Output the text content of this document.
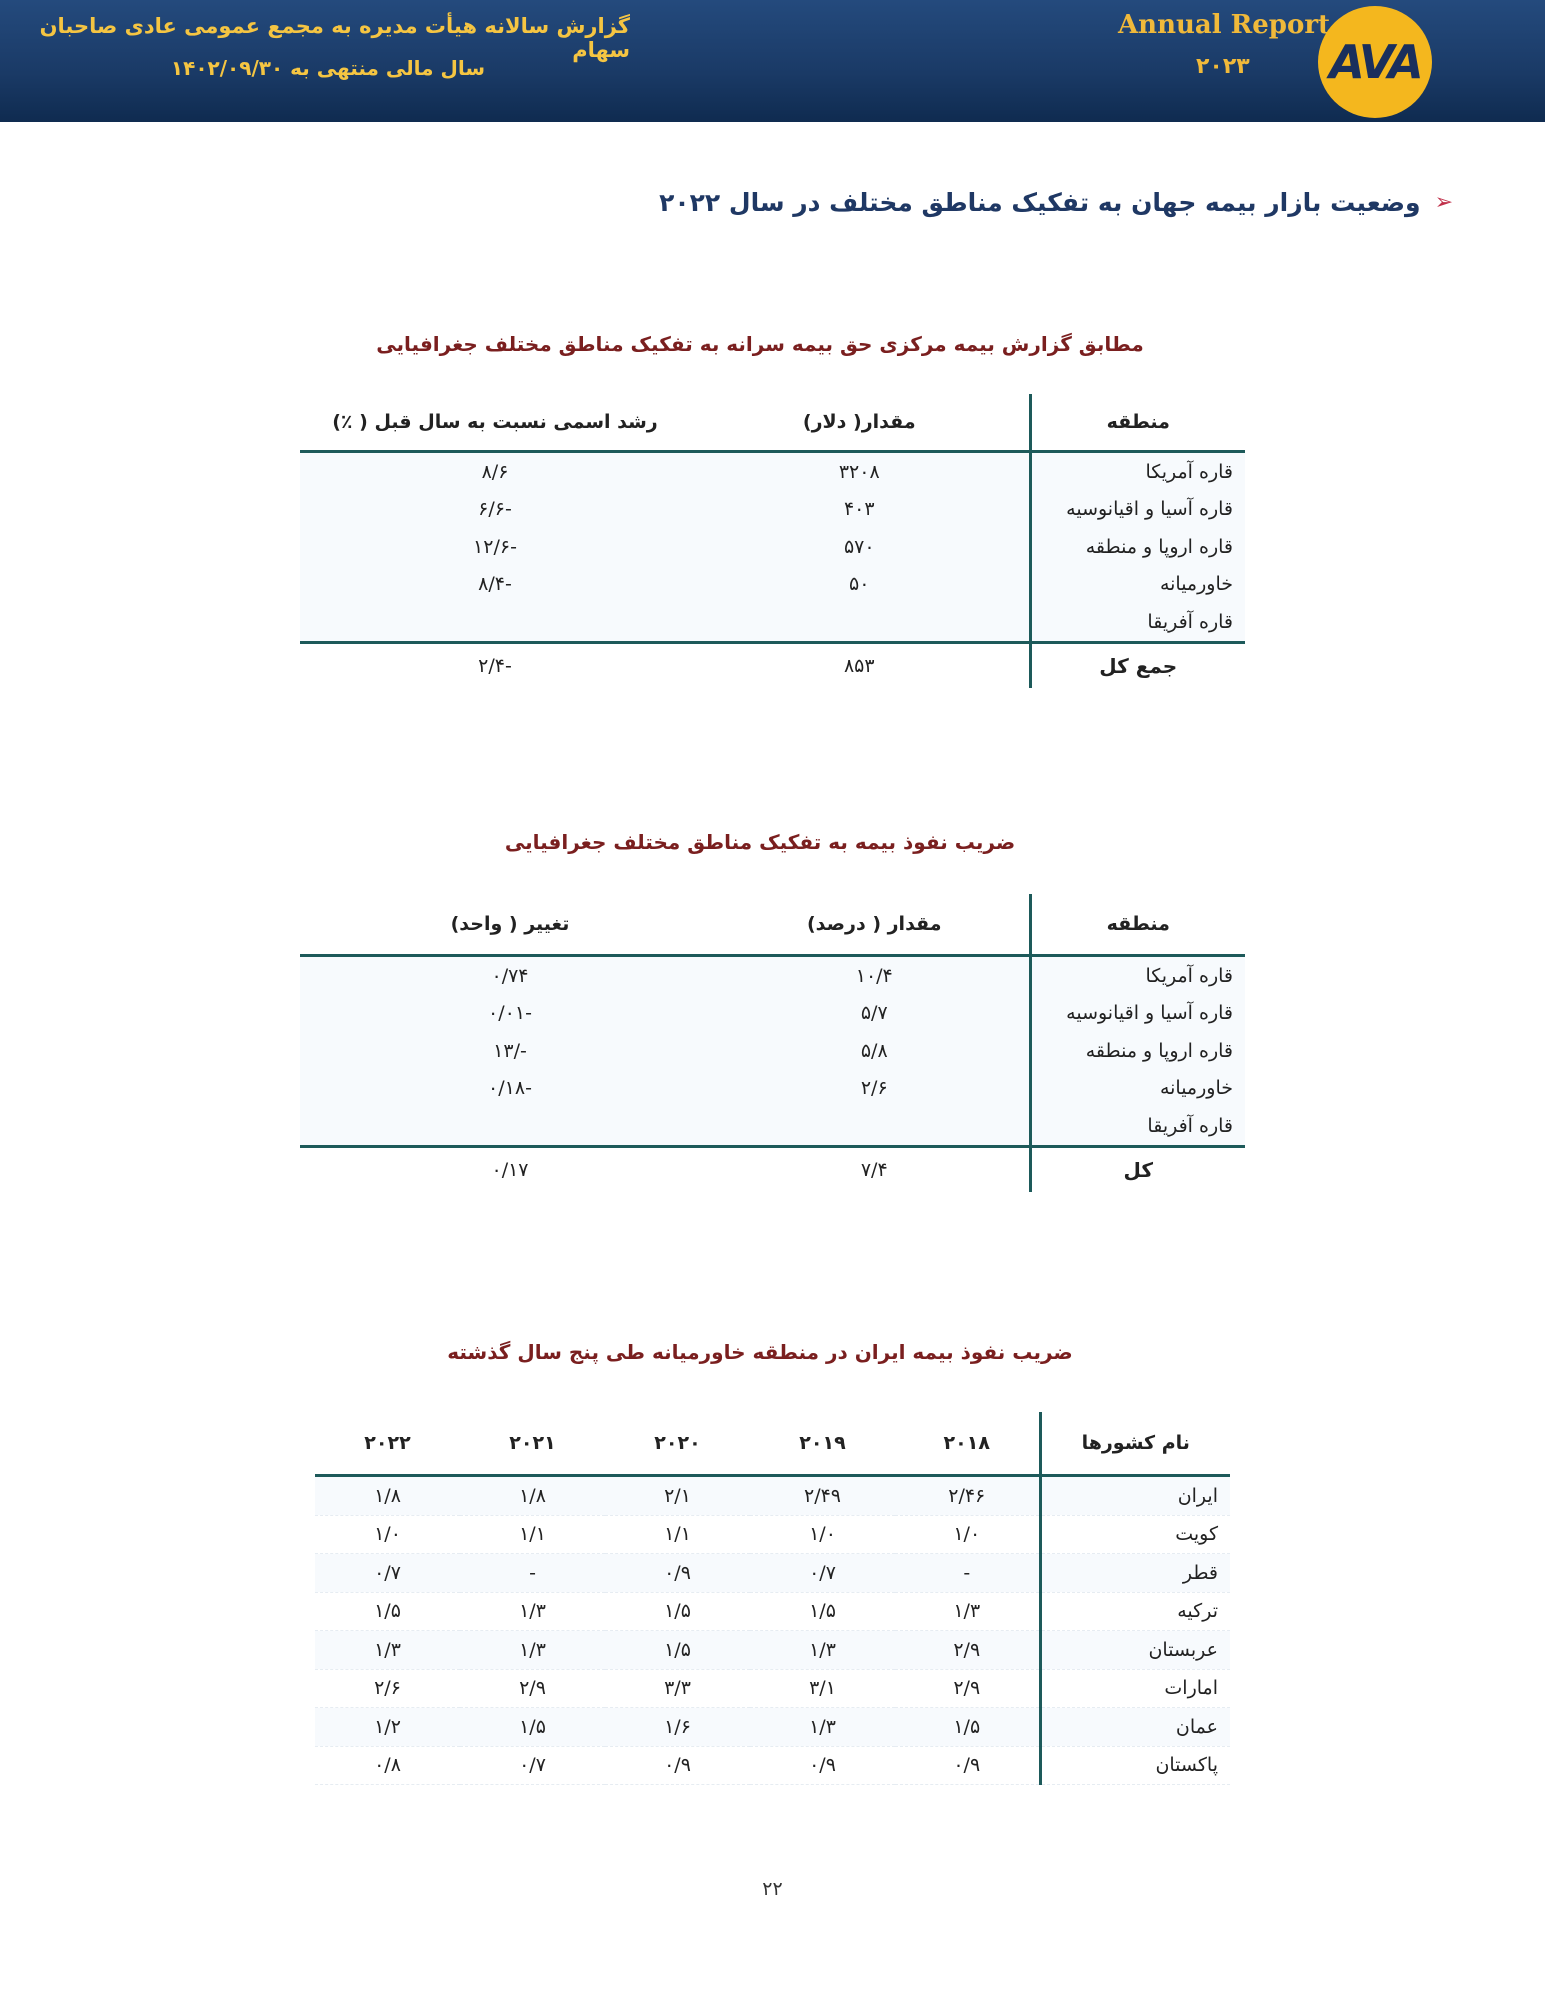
گزارش سالانه هیأت مدیره به مجمع عمومی عادی صاحبان سهام
سال مالی منتهی به ۱۴۰۲/۰۹/۳۰
Annual Report
۲۰۲۳ AVA
➢
وضعیت بازار بیمه جهان به تفکیک مناطق مختلف در سال ۲۰۲۲
مطابق گزارش بیمه مرکزی حق بیمه سرانه به تفکیک مناطق مختلف جغرافیایی
منطقه	مقدار( دلار)	رشد اسمی نسبت به سال قبل ( ٪)
قاره آمریکا	۳۲۰۸	۸/۶
قاره آسیا و اقیانوسیه	۴۰۳	-۶/۶
قاره اروپا و منطقه	۵۷۰	-۱۲/۶
خاورمیانه	۵۰	-۸/۴
قاره آفریقا		
جمع کل	۸۵۳	-۲/۴
ضریب نفوذ بیمه به تفکیک مناطق مختلف جغرافیایی
منطقه	مقدار ( درصد)	تغییر ( واحد)
قاره آمریکا	۱۰/۴	۰/۷۴
قاره آسیا و اقیانوسیه	۵/۷	-۰/۰۱
قاره اروپا و منطقه	۵/۸	-/۱۳
خاورمیانه	۲/۶	-۰/۱۸
قاره آفریقا		
کل	۷/۴	۰/۱۷
ضریب نفوذ بیمه ایران در منطقه خاورمیانه طی پنج سال گذشته
نام کشورها	۲۰۱۸	۲۰۱۹	۲۰۲۰	۲۰۲۱	۲۰۲۲
ایران	۲/۴۶	۲/۴۹	۲/۱	۱/۸	۱/۸
کویت	۱/۰	۱/۰	۱/۱	۱/۱	۱/۰
قطر	-	۰/۷	۰/۹	-	۰/۷
ترکیه	۱/۳	۱/۵	۱/۵	۱/۳	۱/۵
عربستان	۲/۹	۱/۳	۱/۵	۱/۳	۱/۳
امارات	۲/۹	۳/۱	۳/۳	۲/۹	۲/۶
عمان	۱/۵	۱/۳	۱/۶	۱/۵	۱/۲
پاکستان	۰/۹	۰/۹	۰/۹	۰/۷	۰/۸
۲۲
